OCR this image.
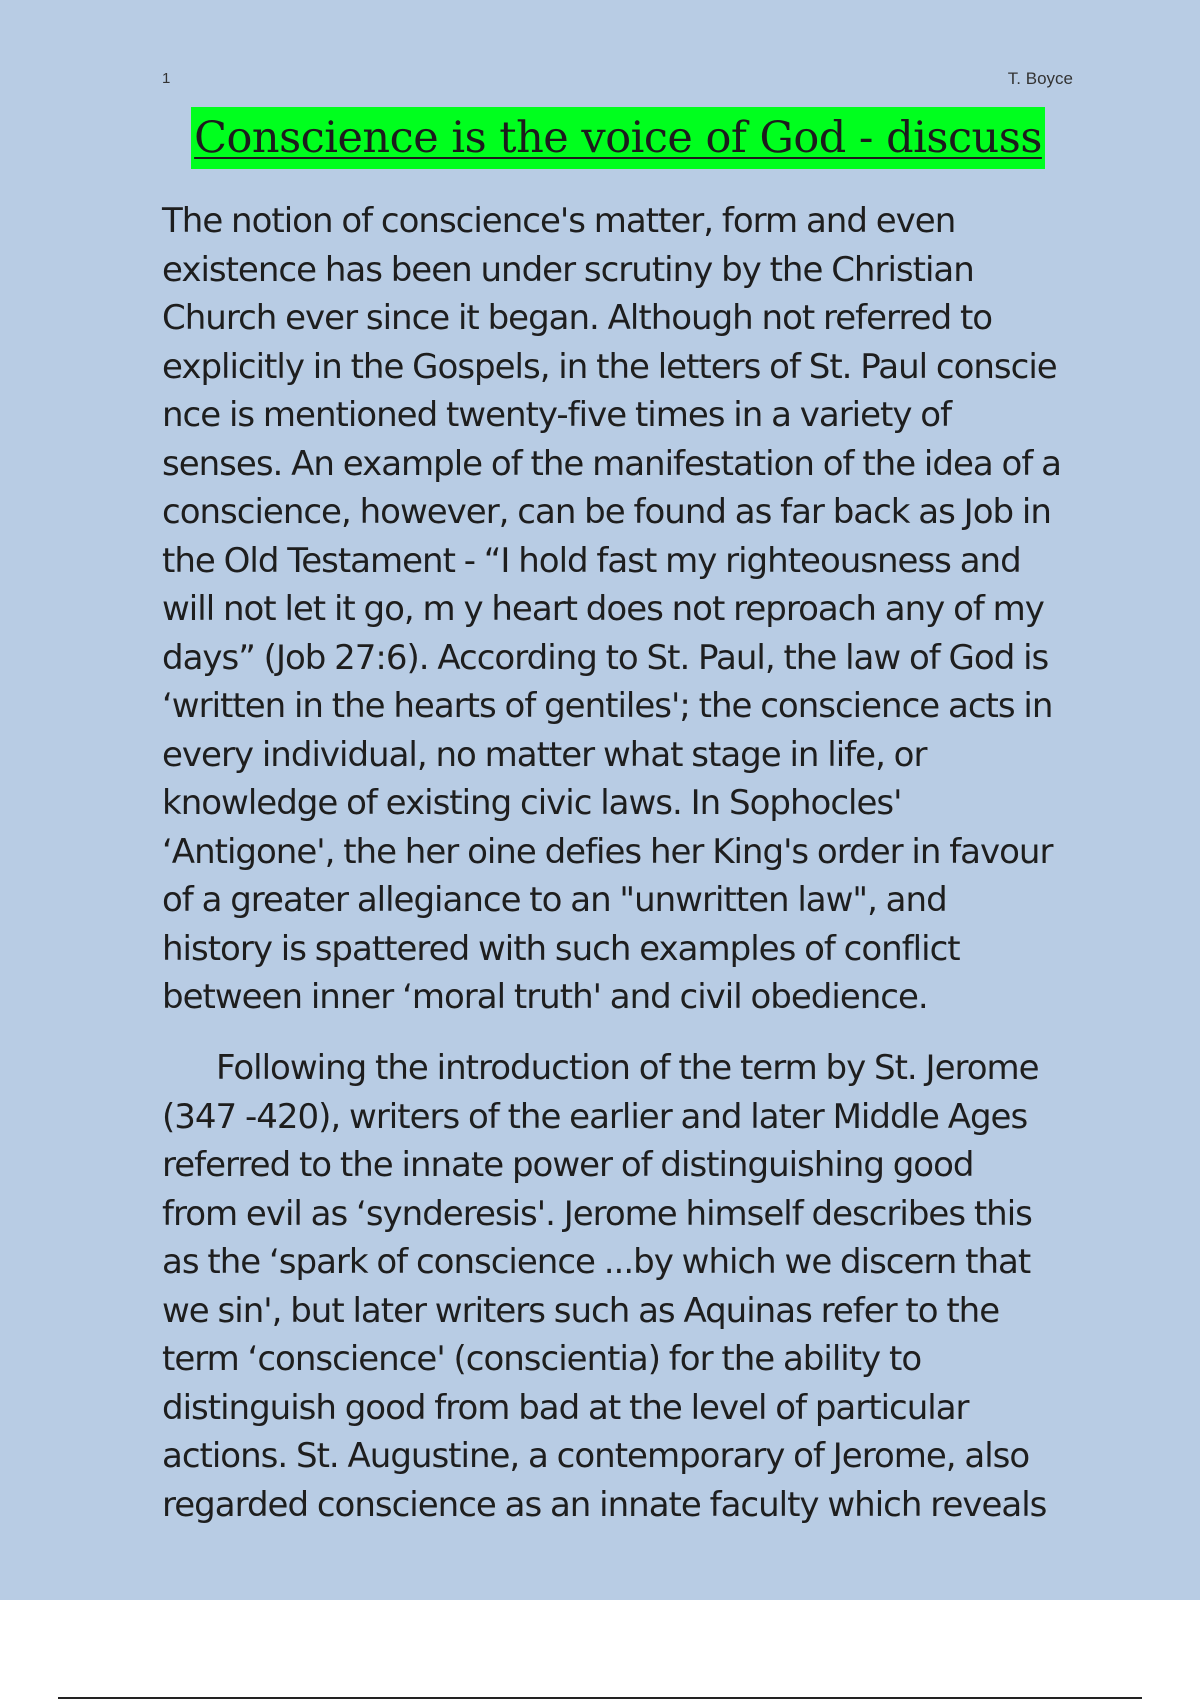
1	T. Boyce
Conscience is the voice of God - discuss

The notion of conscience's matter, form and even
existence has been under scrutiny by the Christian
Church ever since it began. Although not referred to
explicitly in the Gospels, in the letters of St. Paul conscie
nce is mentioned twenty-five times in a variety of
senses. An example of the manifestation of the idea of a
conscience, however, can be found as far back as Job in
the Old Testament - “I hold fast my righteousness and
will not let it go, m y heart does not reproach any of my
days” (Job 27:6). According to St. Paul, the law of God is
‘written in the hearts of gentiles'; the conscience acts in
every individual, no matter what stage in life, or
knowledge of existing civic laws. In Sophocles'
‘Antigone', the her oine defies her King's order in favour
of a greater allegiance to an "unwritten law", and
history is spattered with such examples of conflict
between inner ‘moral truth' and civil obedience.

Following the introduction of the term by St. Jerome
(347 -420), writers of the earlier and later Middle Ages
referred to the innate power of distinguishing good
from evil as ‘synderesis'. Jerome himself describes this
as the ‘spark of conscience ...by which we discern that
we sin', but later writers such as Aquinas refer to the
term ‘conscience' (conscientia) for the ability to
distinguish good from bad at the level of particular
actions. St. Augustine, a contemporary of Jerome, also
regarded conscience as an innate faculty which reveals
